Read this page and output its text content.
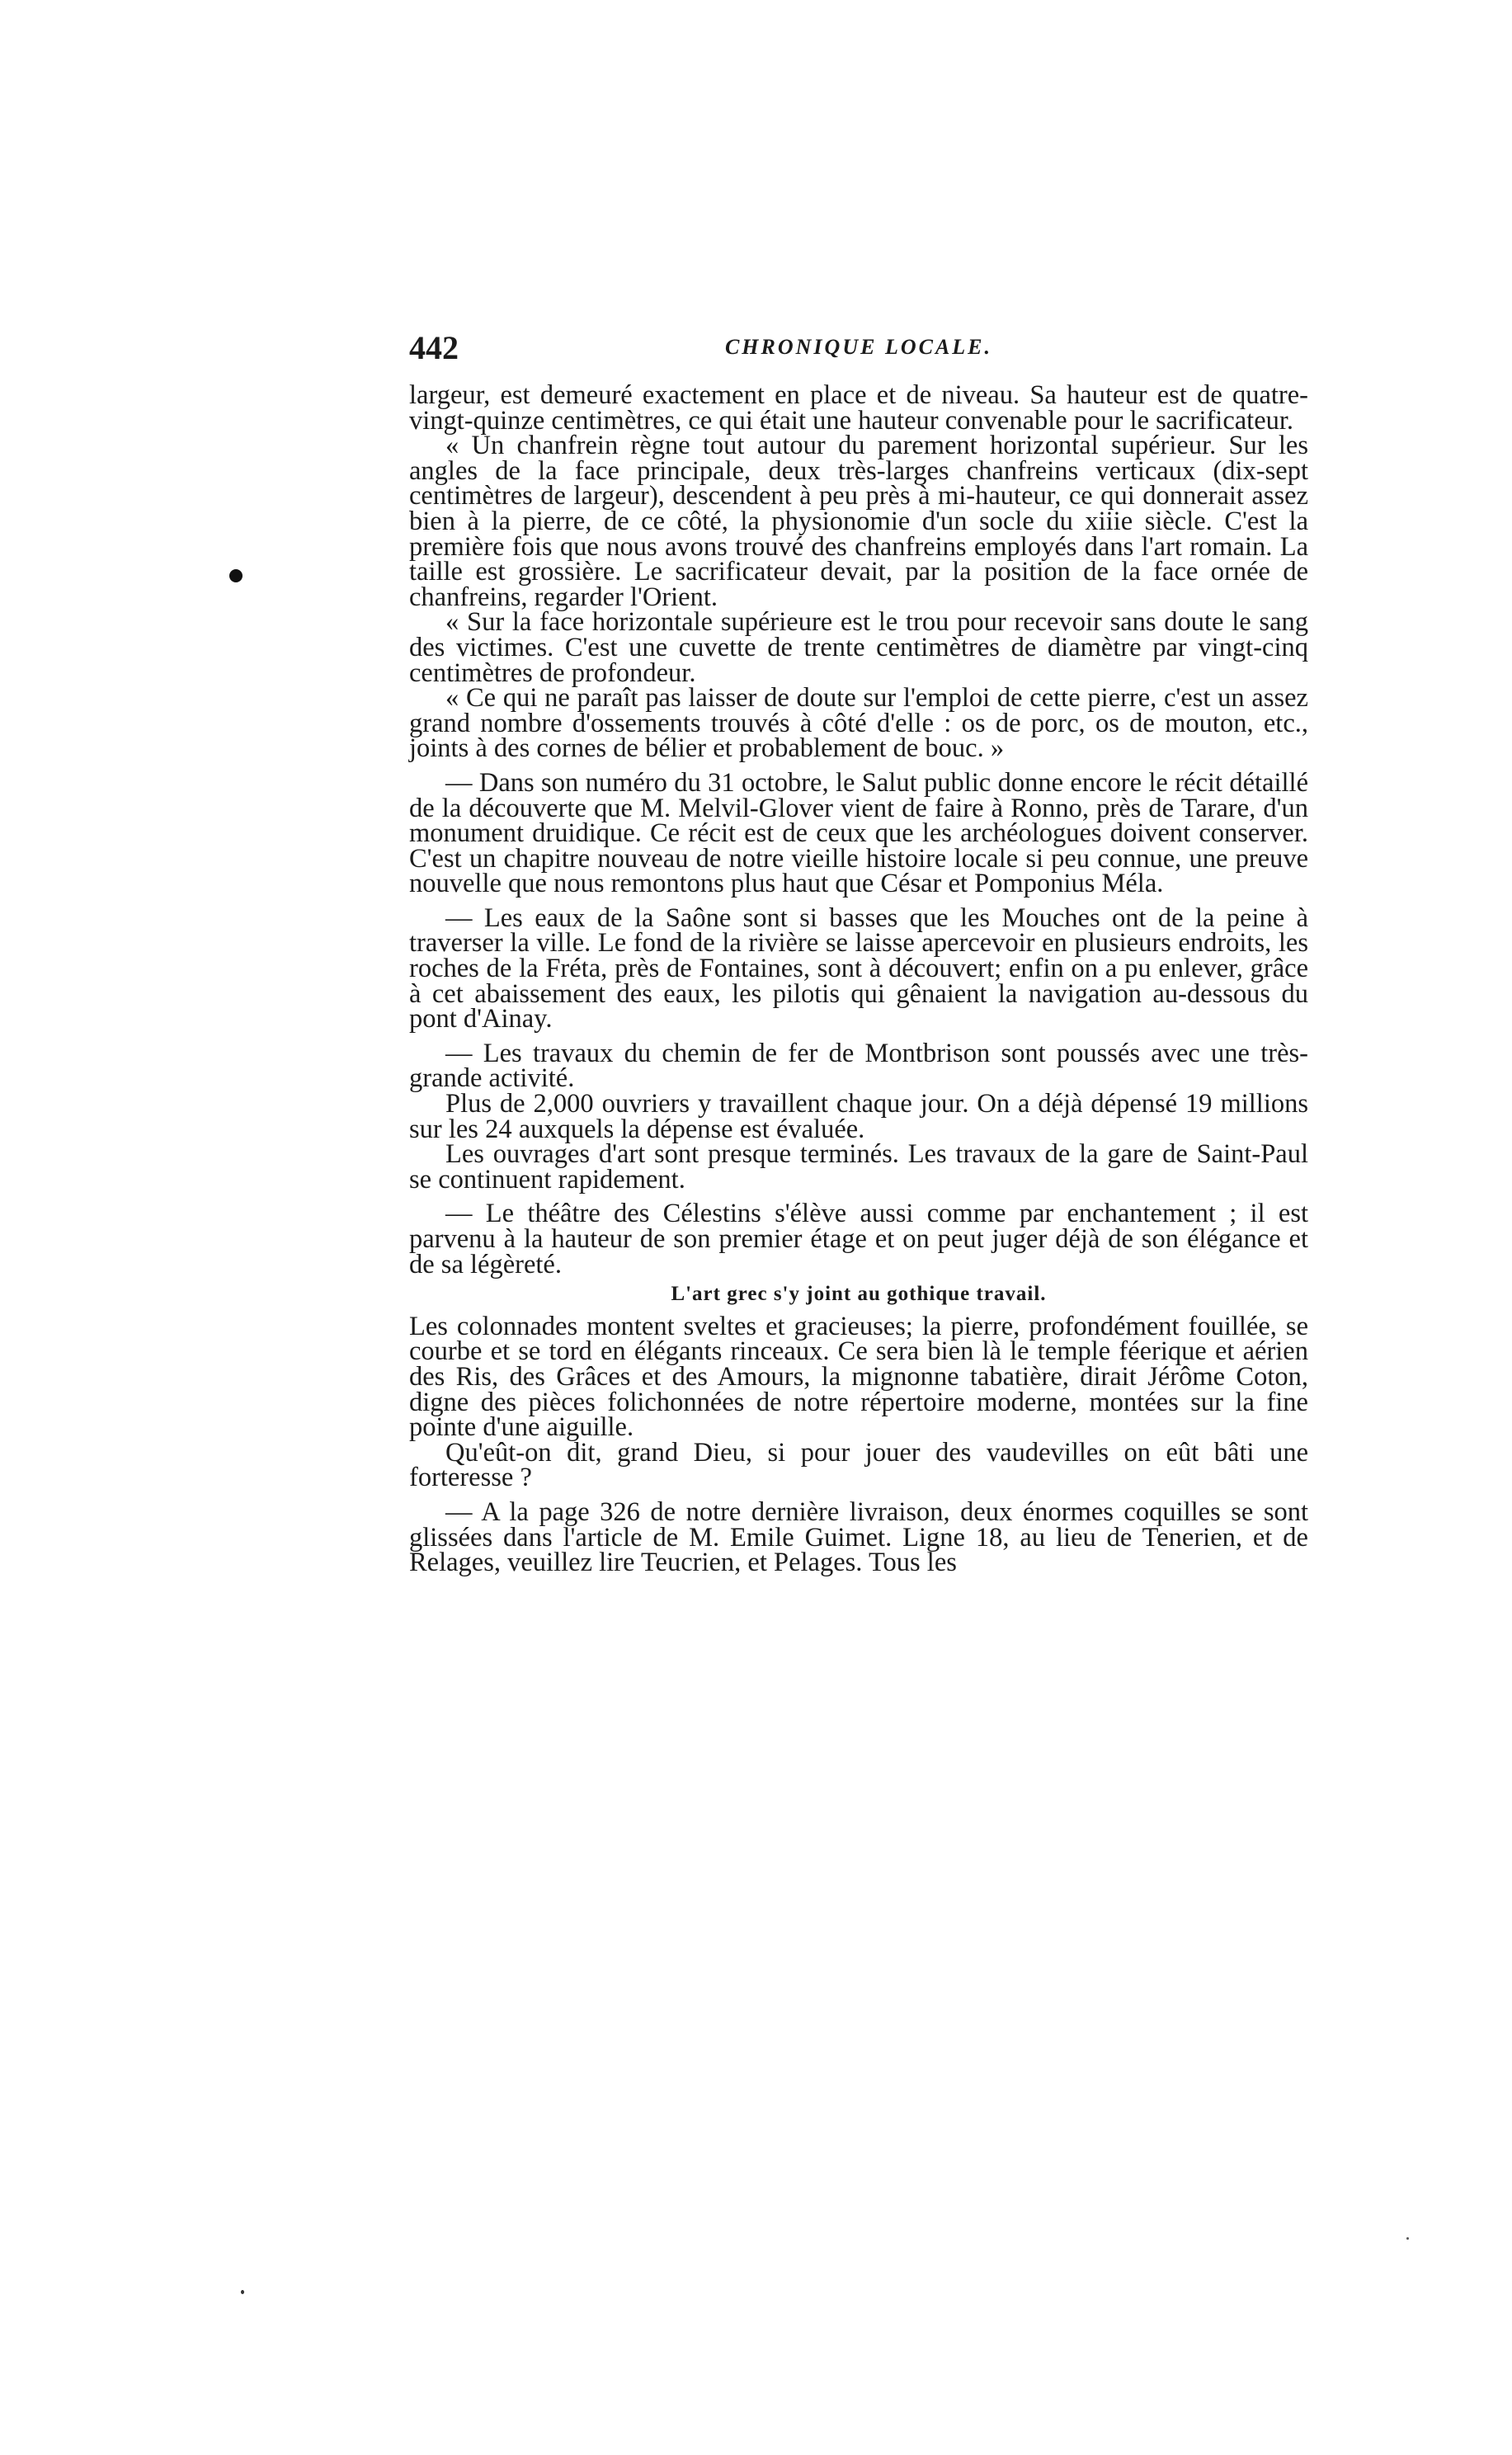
442	CHRONIQUE LOCALE.

largeur, est demeuré exactement en place et de niveau. Sa hauteur est de quatre-vingt-quinze centimètres, ce qui était une hauteur convenable pour le sacrificateur.

« Un chanfrein règne tout autour du parement horizontal supérieur. Sur les angles de la face principale, deux très-larges chanfreins verticaux (dix-sept centimètres de largeur), descendent à peu près à mi-hauteur, ce qui donnerait assez bien à la pierre, de ce côté, la physionomie d'un socle du xiiie siècle. C'est la première fois que nous avons trouvé des chanfreins employés dans l'art romain. La taille est grossière. Le sacrificateur devait, par la position de la face ornée de chanfreins, regarder l'Orient.

« Sur la face horizontale supérieure est le trou pour recevoir sans doute le sang des victimes. C'est une cuvette de trente centimètres de diamètre par vingt-cinq centimètres de profondeur.

« Ce qui ne paraît pas laisser de doute sur l'emploi de cette pierre, c'est un assez grand nombre d'ossements trouvés à côté d'elle : os de porc, os de mouton, etc., joints à des cornes de bélier et probablement de bouc. »

— Dans son numéro du 31 octobre, le Salut public donne encore le récit détaillé de la découverte que M. Melvil-Glover vient de faire à Ronno, près de Tarare, d'un monument druidique. Ce récit est de ceux que les archéologues doivent conserver. C'est un chapitre nouveau de notre vieille histoire locale si peu connue, une preuve nouvelle que nous remontons plus haut que César et Pomponius Méla.

— Les eaux de la Saône sont si basses que les Mouches ont de la peine à traverser la ville. Le fond de la rivière se laisse apercevoir en plusieurs endroits, les roches de la Fréta, près de Fontaines, sont à découvert; enfin on a pu enlever, grâce à cet abaissement des eaux, les pilotis qui gênaient la navigation au-dessous du pont d'Ainay.

— Les travaux du chemin de fer de Montbrison sont poussés avec une très-grande activité.

Plus de 2,000 ouvriers y travaillent chaque jour. On a déjà dépensé 19 millions sur les 24 auxquels la dépense est évaluée.

Les ouvrages d'art sont presque terminés. Les travaux de la gare de Saint-Paul se continuent rapidement.

— Le théâtre des Célestins s'élève aussi comme par enchantement ; il est parvenu à la hauteur de son premier étage et on peut juger déjà de son élégance et de sa légèreté.

L'art grec s'y joint au gothique travail.

Les colonnades montent sveltes et gracieuses; la pierre, profondément fouillée, se courbe et se tord en élégants rinceaux. Ce sera bien là le temple féerique et aérien des Ris, des Grâces et des Amours, la mignonne tabatière, dirait Jérôme Coton, digne des pièces folichonnées de notre répertoire moderne, montées sur la fine pointe d'une aiguille.

Qu'eût-on dit, grand Dieu, si pour jouer des vaudevilles on eût bâti une forteresse ?

— A la page 326 de notre dernière livraison, deux énormes coquilles se sont glissées dans l'article de M. Emile Guimet. Ligne 18, au lieu de Tenerien, et de Relages, veuillez lire Teucrien, et Pelages. Tous les
